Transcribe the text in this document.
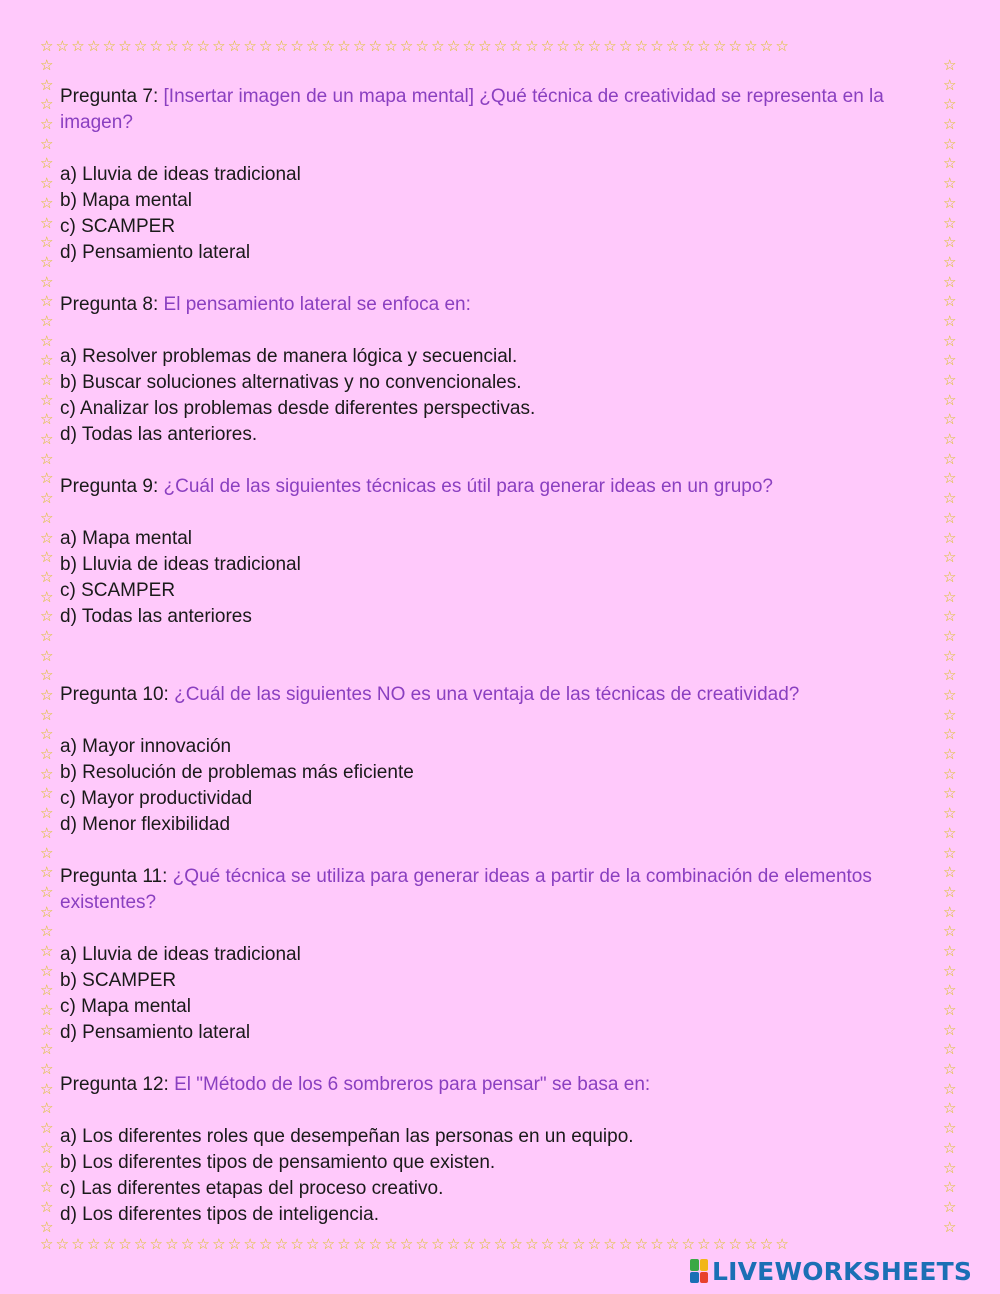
☆☆☆☆☆☆☆☆☆☆☆☆☆☆☆☆☆☆☆☆☆☆☆☆☆☆☆☆☆☆☆☆☆☆☆☆☆☆☆☆☆☆☆☆☆☆☆☆
☆☆☆☆☆☆☆☆☆☆☆☆☆☆☆☆☆☆☆☆☆☆☆☆☆☆☆☆☆☆☆☆☆☆☆☆☆☆☆☆☆☆☆☆☆☆☆☆
☆
☆
☆
☆
☆
☆
☆
☆
☆
☆
☆
☆
☆
☆
☆
☆
☆
☆
☆
☆
☆
☆
☆
☆
☆
☆
☆
☆
☆
☆
☆
☆
☆
☆
☆
☆
☆
☆
☆
☆
☆
☆
☆
☆
☆
☆
☆
☆
☆
☆
☆
☆
☆
☆
☆
☆
☆
☆
☆
☆
☆
☆
☆
☆
☆
☆
☆
☆
☆
☆
☆
☆
☆
☆
☆
☆
☆
☆
☆
☆
☆
☆
☆
☆
☆
☆
☆
☆
☆
☆
☆
☆
☆
☆
☆
☆
☆
☆
☆
☆
☆
☆
☆
☆
☆
☆
☆
☆
☆
☆
☆
☆
☆
☆
☆
☆
☆
☆
☆
☆

Pregunta 7: [Insertar imagen de un mapa mental] ¿Qué técnica de creatividad se representa en la imagen?

a) Lluvia de ideas tradicional

b) Mapa mental

c) SCAMPER

d) Pensamiento lateral

Pregunta 8: El pensamiento lateral se enfoca en:

a) Resolver problemas de manera lógica y secuencial.

b) Buscar soluciones alternativas y no convencionales.

c) Analizar los problemas desde diferentes perspectivas.

d) Todas las anteriores.

Pregunta 9: ¿Cuál de las siguientes técnicas es útil para generar ideas en un grupo?

a) Mapa mental

b) Lluvia de ideas tradicional

c) SCAMPER

d) Todas las anteriores

Pregunta 10: ¿Cuál de las siguientes NO es una ventaja de las técnicas de creatividad?

a) Mayor innovación

b) Resolución de problemas más eficiente

c) Mayor productividad

d) Menor flexibilidad

Pregunta 11: ¿Qué técnica se utiliza para generar ideas a partir de la combinación de elementos existentes?

a) Lluvia de ideas tradicional

b) SCAMPER

c) Mapa mental

d) Pensamiento lateral

Pregunta 12: El "Método de los 6 sombreros para pensar" se basa en:

a) Los diferentes roles que desempeñan las personas en un equipo.

b) Los diferentes tipos de pensamiento que existen.

c) Las diferentes etapas del proceso creativo.

d) Los diferentes tipos de inteligencia.

LIVEWORKSHEETS
